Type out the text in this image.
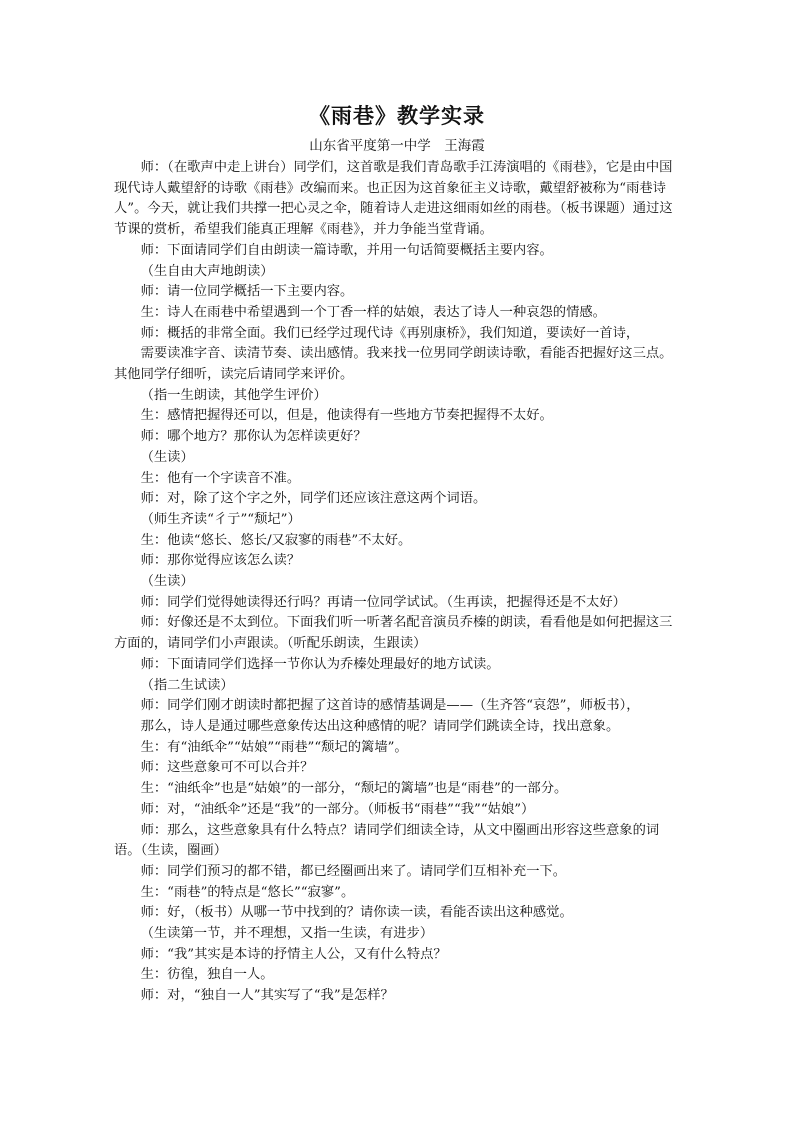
《雨巷》教学实录
山东省平度第一中学　王海霞

师：（在歌声中走上讲台）同学们，这首歌是我们青岛歌手江涛演唱的《雨巷》，它是由中国现代诗人戴望舒的诗歌《雨巷》改编而来。也正因为这首象征主义诗歌，戴望舒被称为“雨巷诗人”。今天，就让我们共撑一把心灵之伞，随着诗人走进这细雨如丝的雨巷。（板书课题）通过这节课的赏析，希望我们能真正理解《雨巷》，并力争能当堂背诵。

师：下面请同学们自由朗读一篇诗歌，并用一句话简要概括主要内容。

（生自由大声地朗读）

师：请一位同学概括一下主要内容。

生：诗人在雨巷中希望遇到一个丁香一样的姑娘，表达了诗人一种哀怨的情感。

师：概括的非常全面。我们已经学过现代诗《再别康桥》，我们知道，要读好一首诗，

需要读准字音、读清节奏、读出感情。我来找一位男同学朗读诗歌，看能否把握好这三点。其他同学仔细听，读完后请同学来评价。

（指一生朗读，其他学生评价）

生：感情把握得还可以，但是，他读得有一些地方节奏把握得不太好。

师：哪个地方？那你认为怎样读更好？

（生读）

生：他有一个字读音不准。

师：对，除了这个字之外，同学们还应该注意这两个词语。

（师生齐读“彳亍”“颓圮”）

生：他读“悠长、悠长/又寂寥的雨巷”不太好。

师：那你觉得应该怎么读？

（生读）

师：同学们觉得她读得还行吗？再请一位同学试试。（生再读，把握得还是不太好）

师：好像还是不太到位。下面我们听一听著名配音演员乔榛的朗读，看看他是如何把握这三方面的，请同学们小声跟读。（听配乐朗读，生跟读）

师：下面请同学们选择一节你认为乔榛处理最好的地方试读。

（指二生试读）

师：同学们刚才朗读时都把握了这首诗的感情基调是——（生齐答“哀怨”，师板书），

那么，诗人是通过哪些意象传达出这种感情的呢？请同学们跳读全诗，找出意象。

生：有“油纸伞”“姑娘”“雨巷”“颓圮的篱墙”。

师：这些意象可不可以合并？

生：“油纸伞”也是“姑娘”的一部分，“颓圮的篱墙”也是“雨巷”的一部分。

师：对，“油纸伞”还是“我”的一部分。（师板书“雨巷”“我”“姑娘”）

师：那么，这些意象具有什么特点？请同学们细读全诗，从文中圈画出形容这些意象的词语。（生读，圈画）

师：同学们预习的都不错，都已经圈画出来了。请同学们互相补充一下。

生：“雨巷”的特点是“悠长”“寂寥”。

师：好，（板书）从哪一节中找到的？请你读一读，看能否读出这种感觉。

（生读第一节，并不理想，又指一生读，有进步）

师：“我”其实是本诗的抒情主人公，又有什么特点？

生：彷徨，独自一人。

师：对，“独自一人”其实写了“我”是怎样？
